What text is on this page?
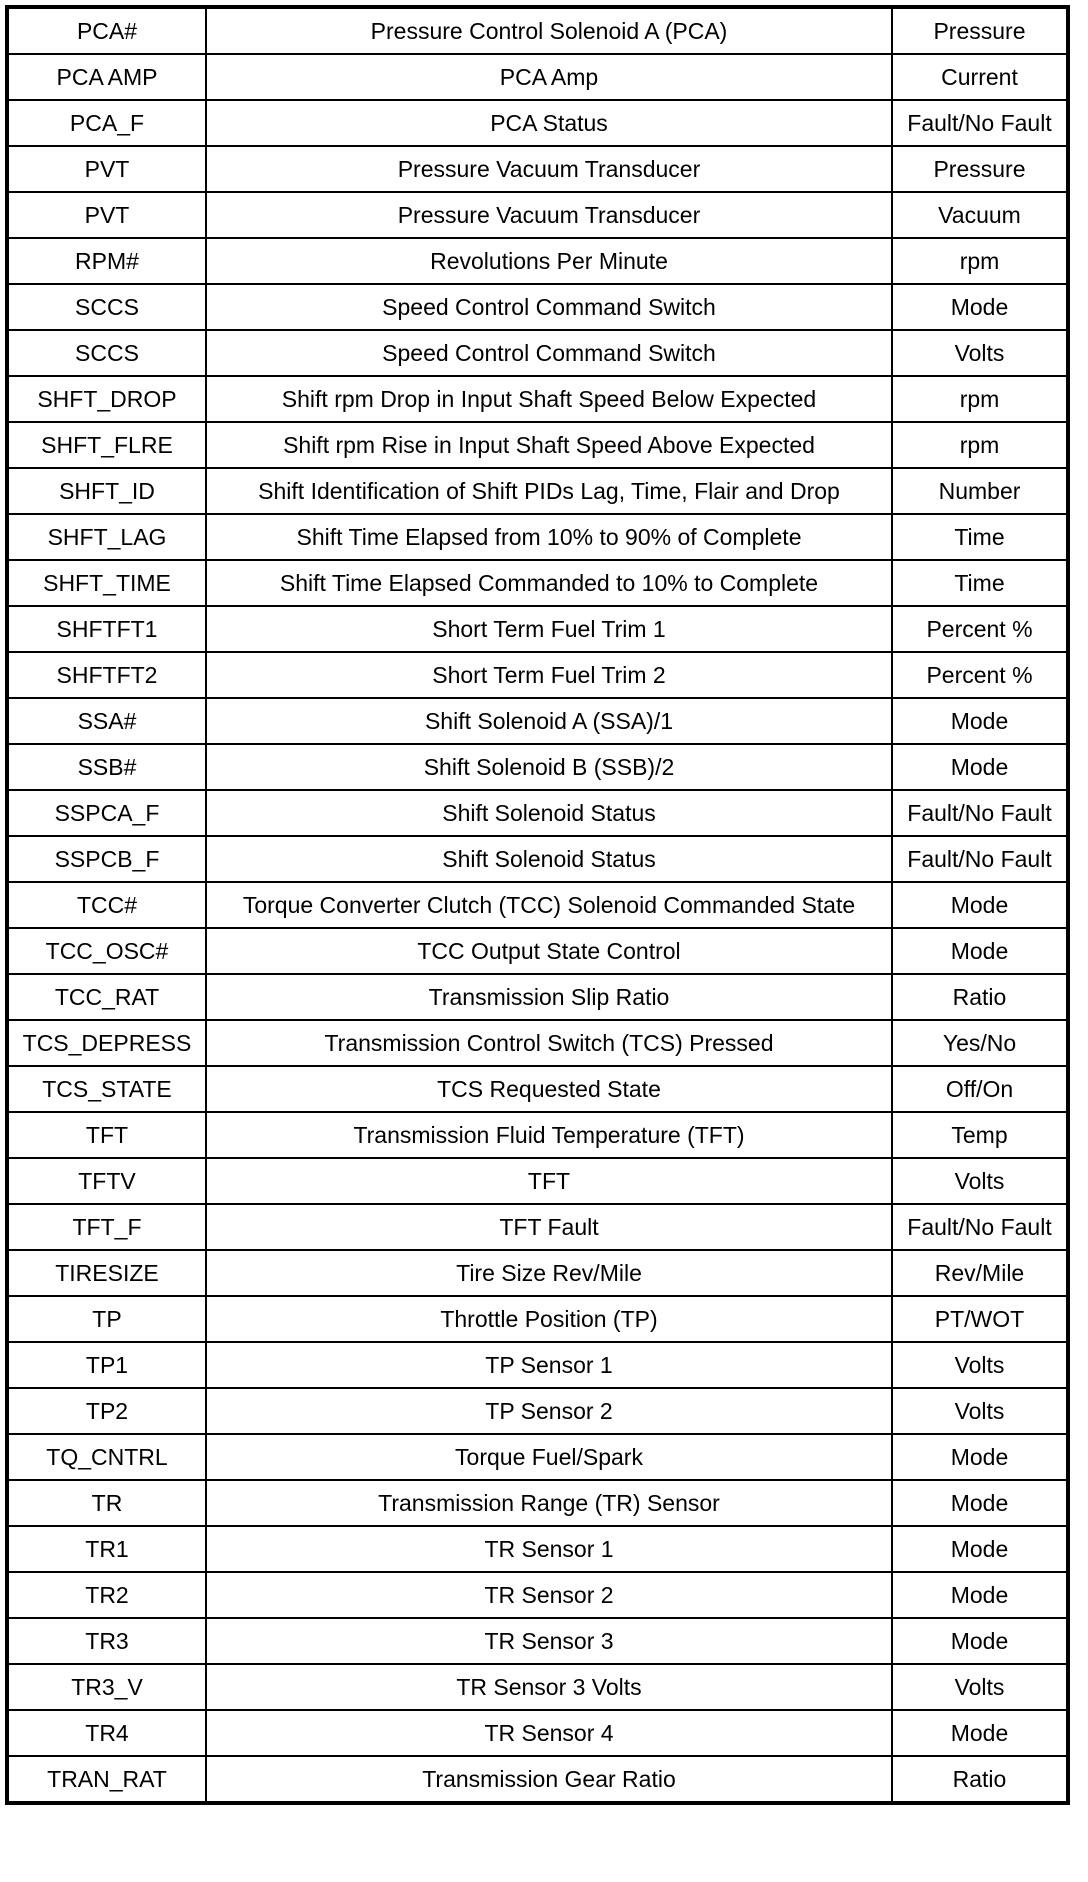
PCA#	Pressure Control Solenoid A (PCA)	Pressure
PCA AMP	PCA Amp	Current
PCA_F	PCA Status	Fault/No Fault
PVT	Pressure Vacuum Transducer	Pressure
PVT	Pressure Vacuum Transducer	Vacuum
RPM#	Revolutions Per Minute	rpm
SCCS	Speed Control Command Switch	Mode
SCCS	Speed Control Command Switch	Volts
SHFT_DROP	Shift rpm Drop in Input Shaft Speed Below Expected	rpm
SHFT_FLRE	Shift rpm Rise in Input Shaft Speed Above Expected	rpm
SHFT_ID	Shift Identification of Shift PIDs Lag, Time, Flair and Drop	Number
SHFT_LAG	Shift Time Elapsed from 10% to 90% of Complete	Time
SHFT_TIME	Shift Time Elapsed Commanded to 10% to Complete	Time
SHFTFT1	Short Term Fuel Trim 1	Percent %
SHFTFT2	Short Term Fuel Trim 2	Percent %
SSA#	Shift Solenoid A (SSA)/1	Mode
SSB#	Shift Solenoid B (SSB)/2	Mode
SSPCA_F	Shift Solenoid Status	Fault/No Fault
SSPCB_F	Shift Solenoid Status	Fault/No Fault
TCC#	Torque Converter Clutch (TCC) Solenoid Commanded State	Mode
TCC_OSC#	TCC Output State Control	Mode
TCC_RAT	Transmission Slip Ratio	Ratio
TCS_DEPRESS	Transmission Control Switch (TCS) Pressed	Yes/No
TCS_STATE	TCS Requested State	Off/On
TFT	Transmission Fluid Temperature (TFT)	Temp
TFTV	TFT	Volts
TFT_F	TFT Fault	Fault/No Fault
TIRESIZE	Tire Size Rev/Mile	Rev/Mile
TP	Throttle Position (TP)	PT/WOT
TP1	TP Sensor 1	Volts
TP2	TP Sensor 2	Volts
TQ_CNTRL	Torque Fuel/Spark	Mode
TR	Transmission Range (TR) Sensor	Mode
TR1	TR Sensor 1	Mode
TR2	TR Sensor 2	Mode
TR3	TR Sensor 3	Mode
TR3_V	TR Sensor 3 Volts	Volts
TR4	TR Sensor 4	Mode
TRAN_RAT	Transmission Gear Ratio	Ratio
